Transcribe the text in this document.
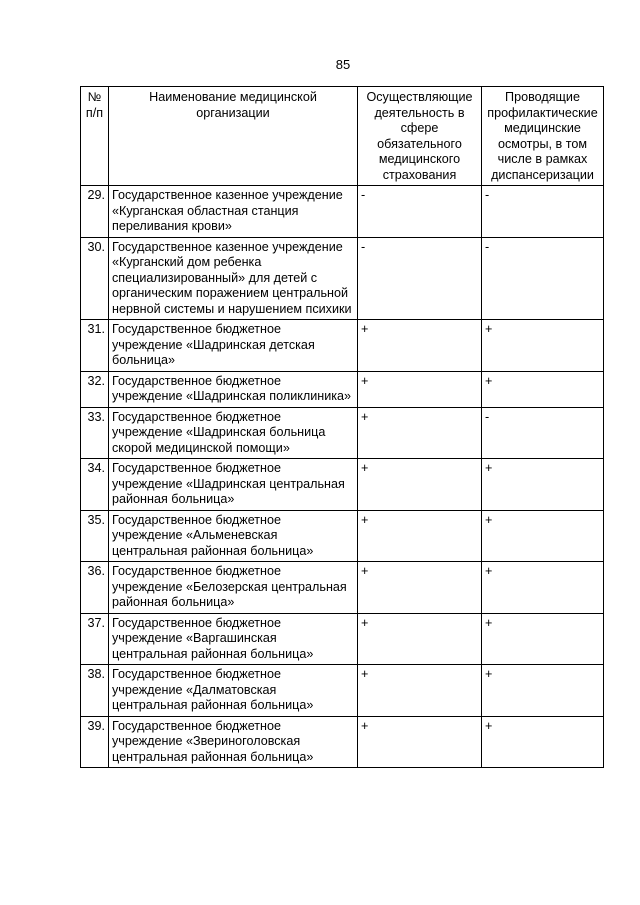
85
№ п/п	Наименование медицинской организации	Осуществляющие деятельность в сфере обязательного медицинского страхования	Проводящие профилактические медицинские осмотры, в том числе в рамках диспансеризации
29.	Государственное казенное учреждение «Курганская областная станция переливания крови»	-	-
30.	Государственное казенное учреждение «Курганский дом ребенка специализированный» для детей с органическим поражением центральной нервной системы и нарушением психики	-	-
31.	Государственное бюджетное учреждение «Шадринская детская больница»	+	+
32.	Государственное бюджетное учреждение «Шадринская поликлиника»	+	+
33.	Государственное бюджетное учреждение «Шадринская больница скорой медицинской помощи»	+	-
34.	Государственное бюджетное учреждение «Шадринская центральная районная больница»	+	+
35.	Государственное бюджетное учреждение «Альменевская центральная районная больница»	+	+
36.	Государственное бюджетное учреждение «Белозерская центральная районная больница»	+	+
37.	Государственное бюджетное учреждение «Варгашинская центральная районная больница»	+	+
38.	Государственное бюджетное учреждение «Далматовская центральная районная больница»	+	+
39.	Государственное бюджетное учреждение «Звериноголовская центральная районная больница»	+	+
